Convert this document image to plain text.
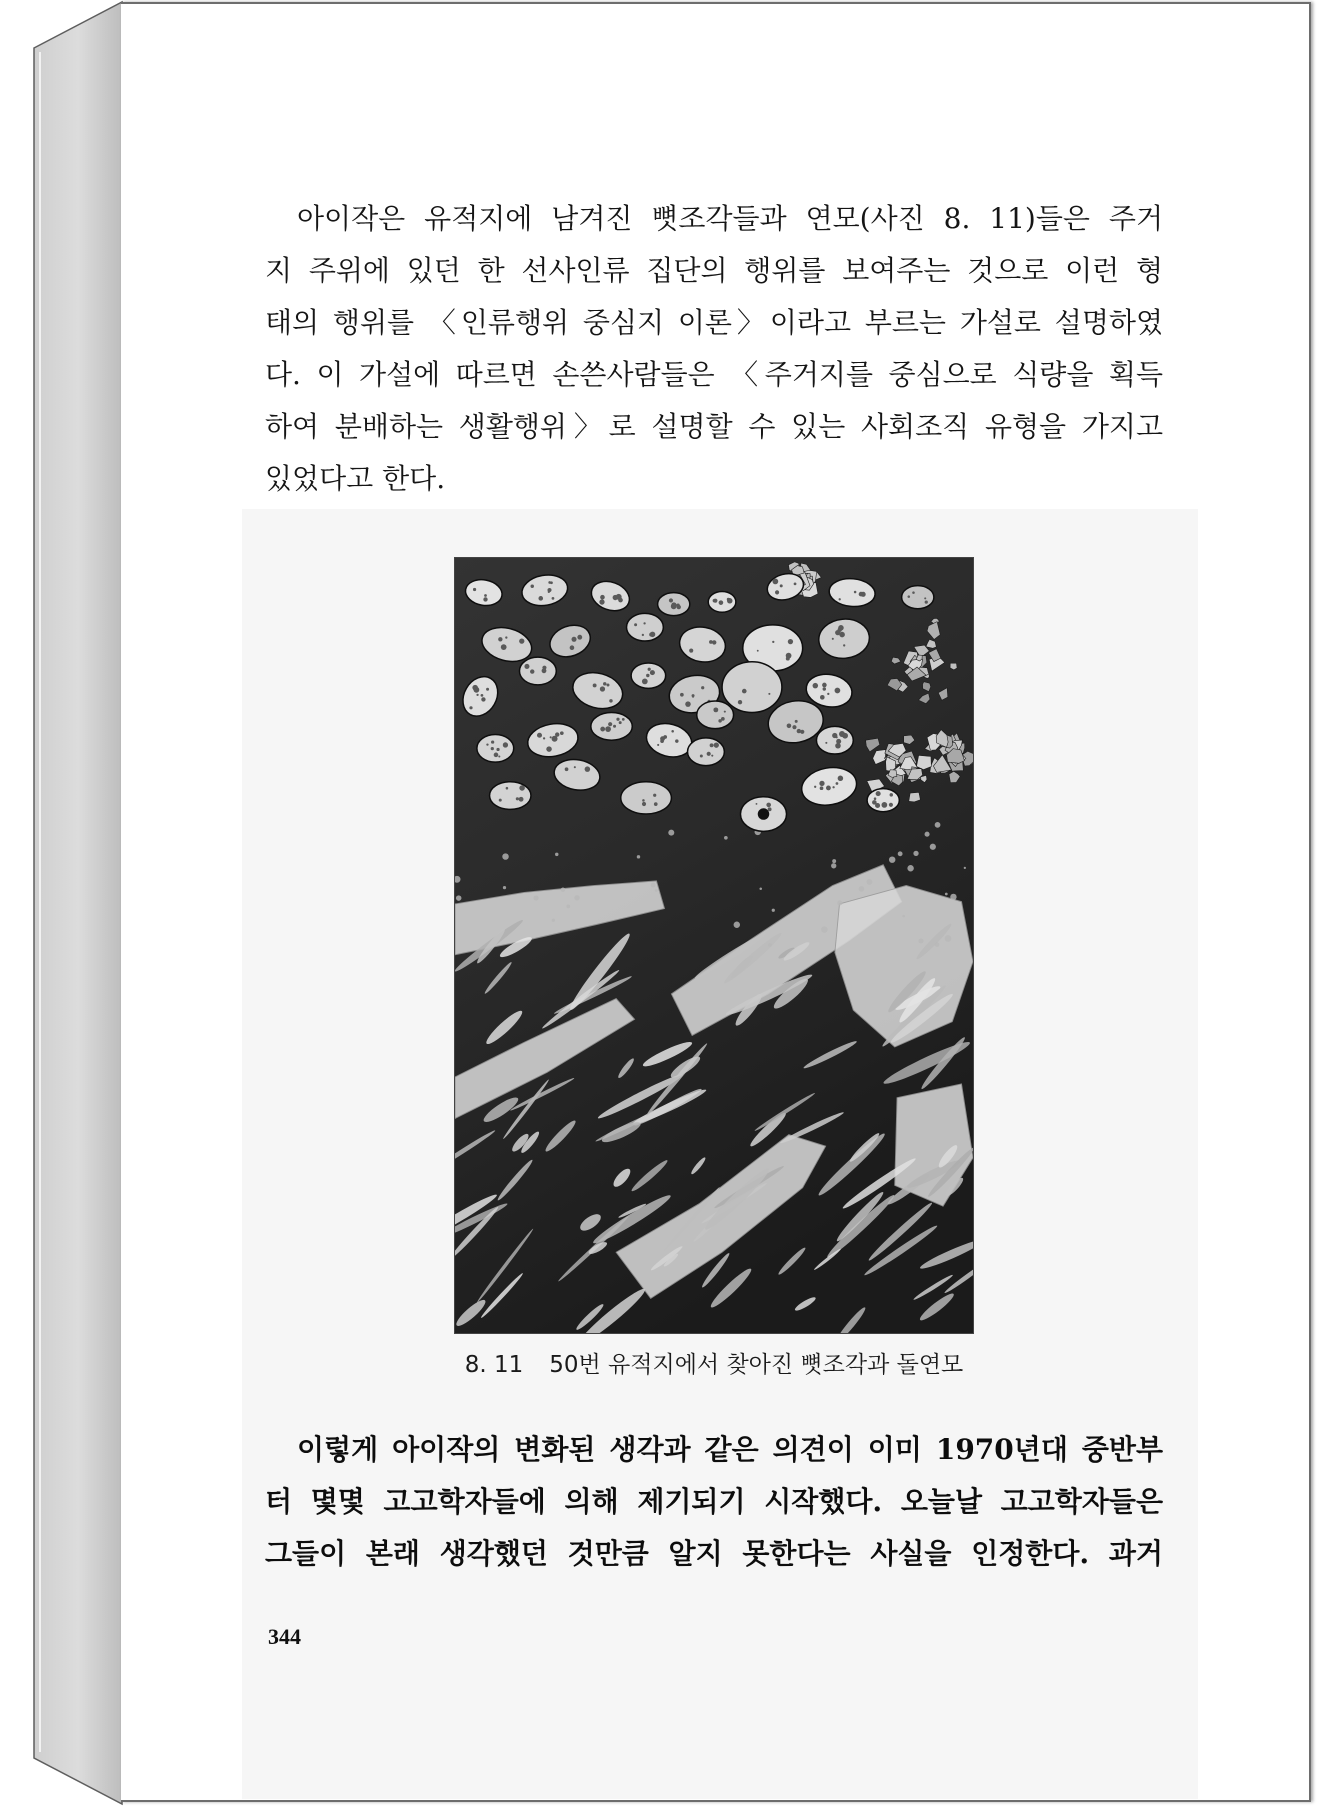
아이작은 유적지에 남겨진 뼛조각들과 연모(사진 8. 11)들은 주거
지 주위에 있던 한 선사인류 집단의 행위를 보여주는 것으로 이런 형
태의 행위를 〈인류행위 중심지 이론〉이라고 부르는 가설로 설명하였
다. 이 가설에 따르면 손쓴사람들은 〈주거지를 중심으로 식량을 획득
하여 분배하는 생활행위〉로 설명할 수 있는 사회조직 유형을 가지고
있었다고 한다.
8. 11 50번 유적지에서 찾아진 뼛조각과 돌연모
이렇게 아이작의 변화된 생각과 같은 의견이 이미 1970년대 중반부
터 몇몇 고고학자들에 의해 제기되기 시작했다. 오늘날 고고학자들은
그들이 본래 생각했던 것만큼 알지 못한다는 사실을 인정한다. 과거
344
